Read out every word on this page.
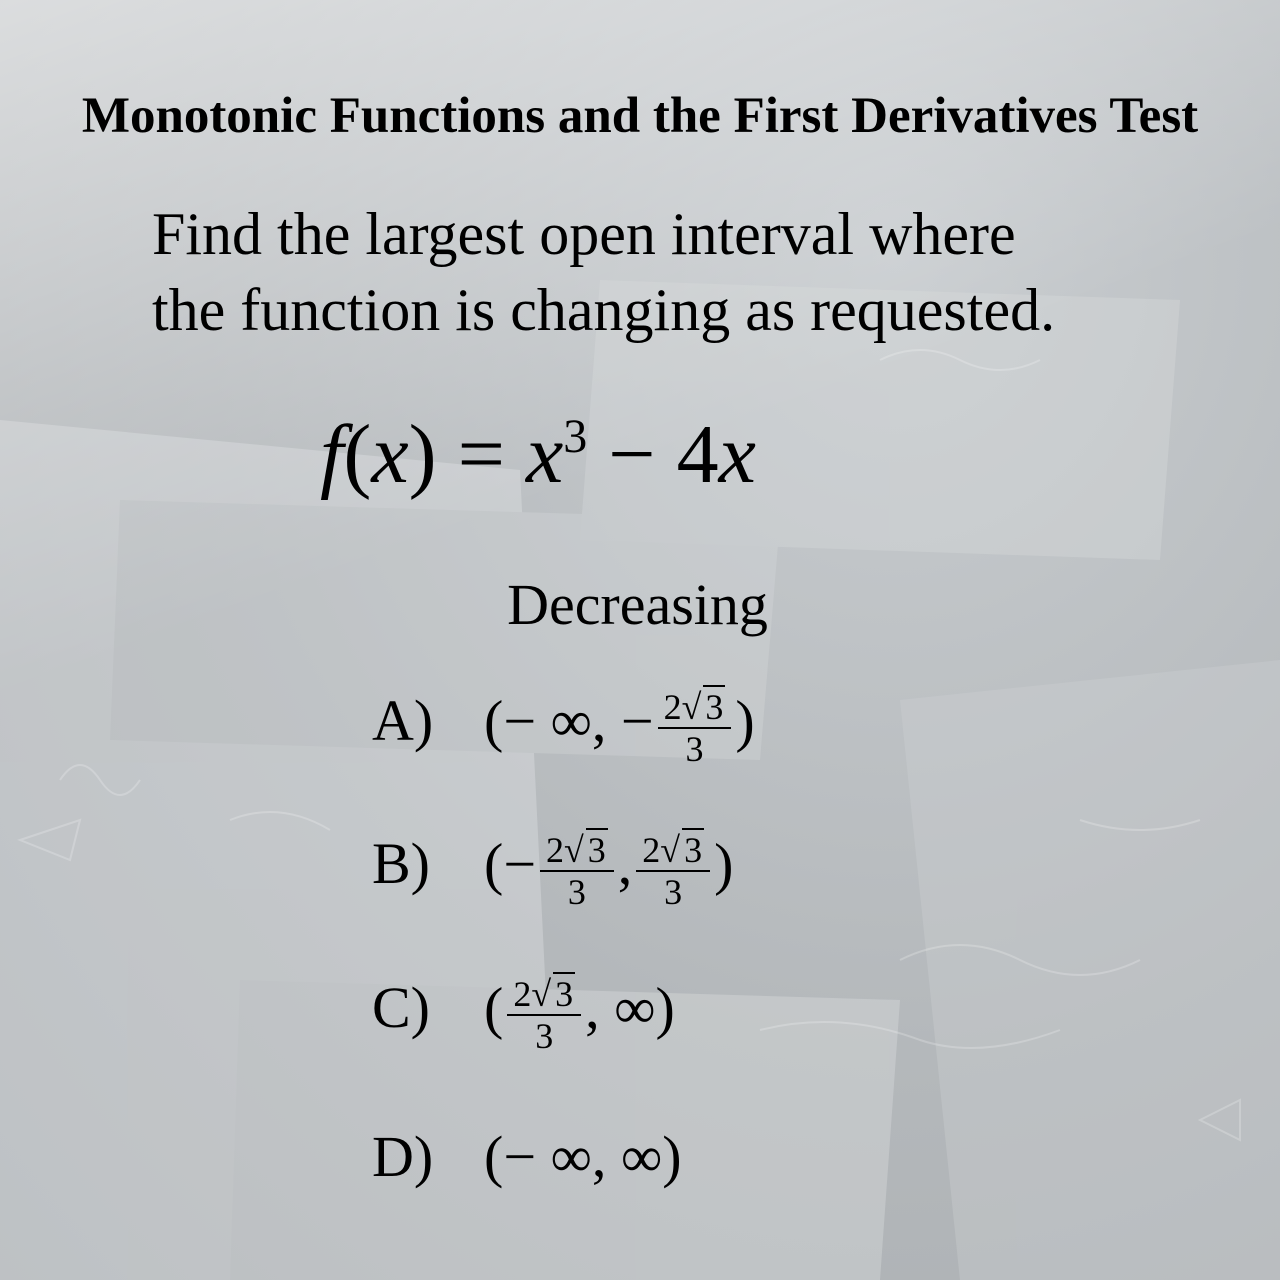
Monotonic Functions and the First Derivatives Test
Find the largest open interval where
the function is changing as requested.
$f(x) = x^3 - 4x$
Decreasing
A) (− ∞, − $\frac{2√ 3}{3}$ )
B) (− $\frac{2√ 3}{3}$ , $\frac{2√ 3}{3}$ )
C) ( $\frac{2√ 3}{3}$ , ∞)
D) (− ∞, ∞)
